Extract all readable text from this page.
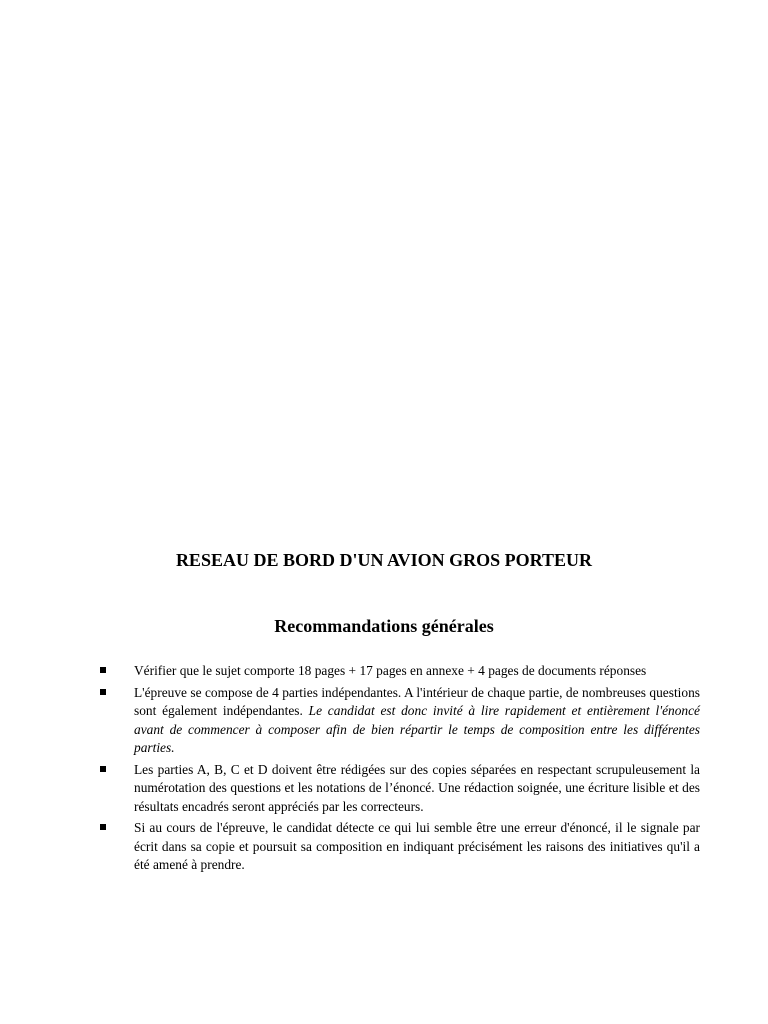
RESEAU DE BORD D'UN AVION GROS PORTEUR
Recommandations générales
Vérifier que le sujet comporte 18 pages + 17 pages en annexe + 4 pages de documents réponses
L'épreuve se compose de 4 parties indépendantes. A l'intérieur de chaque partie, de nombreuses questions sont également indépendantes. Le candidat est donc invité à lire rapidement et entièrement l'énoncé avant de commencer à composer afin de bien répartir le temps de composition entre les différentes parties.
Les parties A, B, C et D doivent être rédigées sur des copies séparées en respectant scrupuleusement la numérotation des questions et les notations de l’énoncé. Une rédaction soignée, une écriture lisible et des résultats encadrés seront appréciés par les correcteurs.
Si au cours de l'épreuve, le candidat détecte ce qui lui semble être une erreur d'énoncé, il le signale par écrit dans sa copie et poursuit sa composition en indiquant précisément les raisons des initiatives qu'il a été amené à prendre.
